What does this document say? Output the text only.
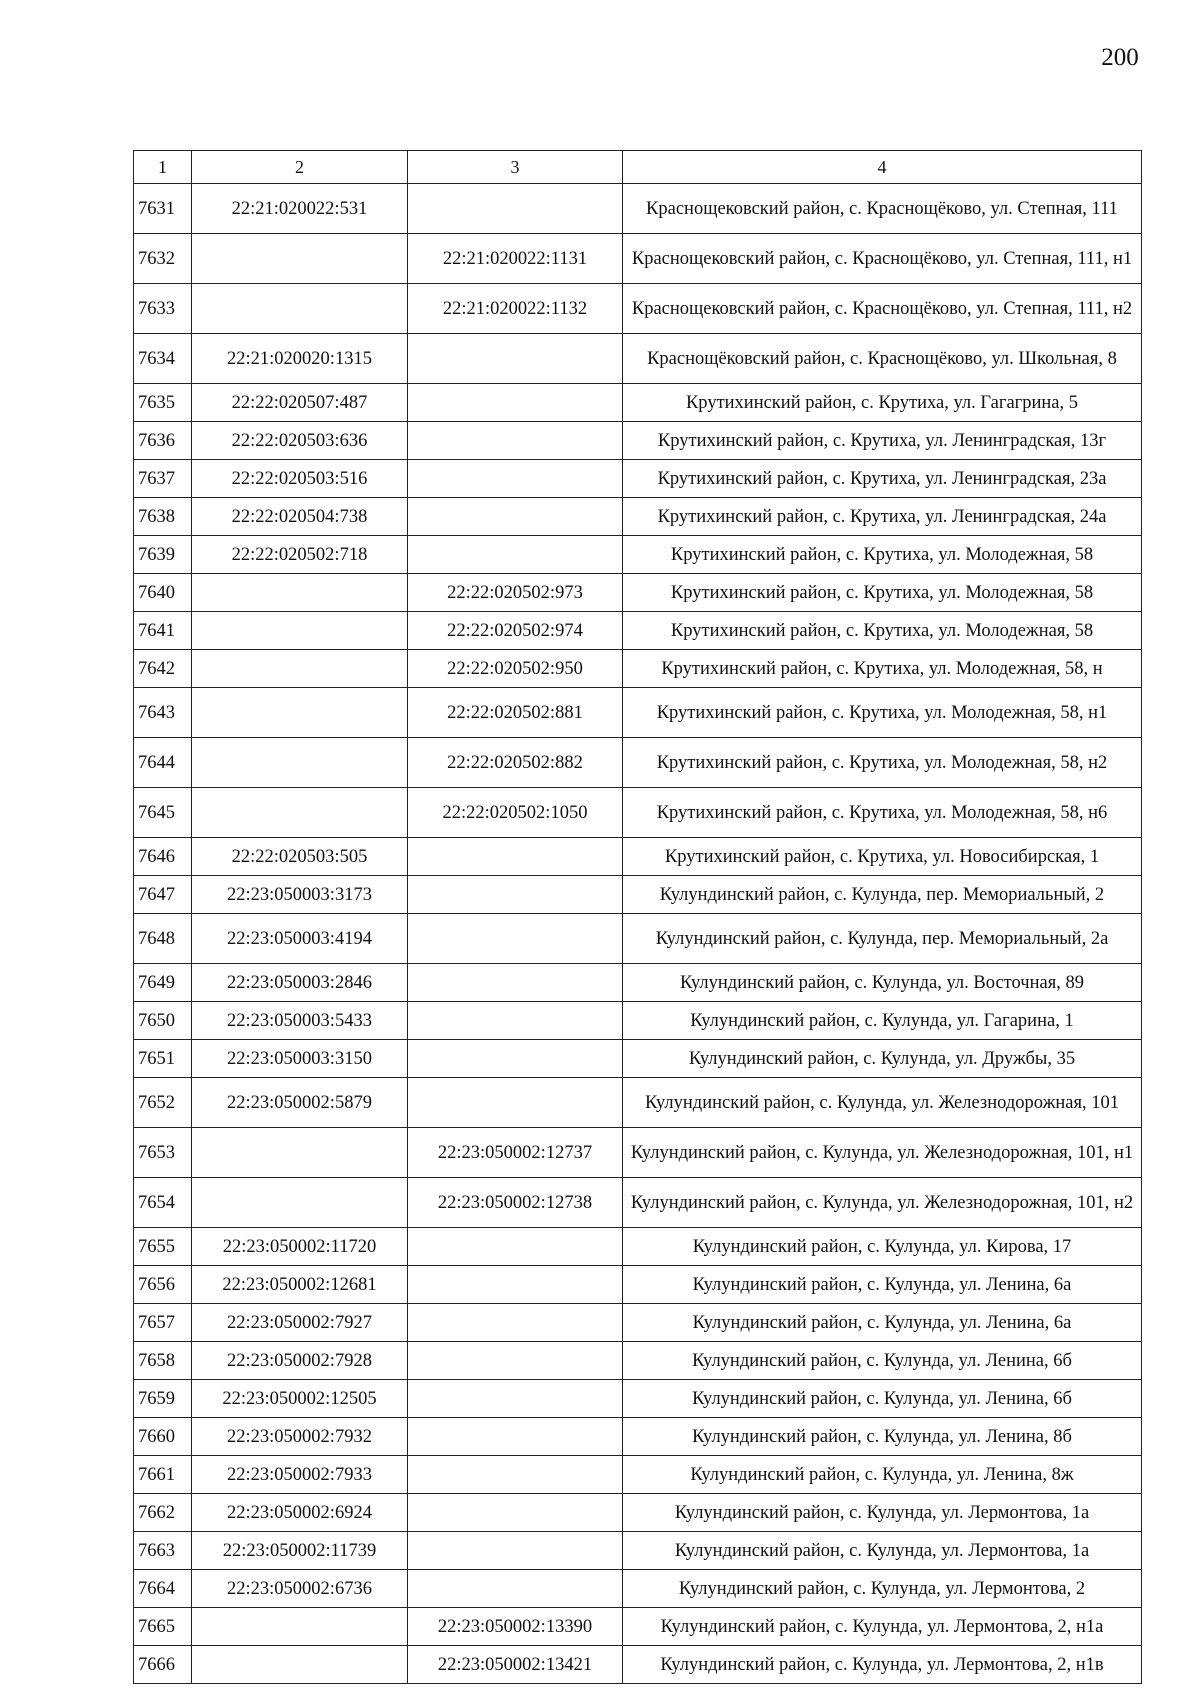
200
1	2	3	4
7631	22:21:020022:531		Краснощековский район, с. Краснощёково, ул. Степная, 111
7632		22:21:020022:1131	Краснощековский район, с. Краснощёково, ул. Степная, 111, н1
7633		22:21:020022:1132	Краснощековский район, с. Краснощёково, ул. Степная, 111, н2
7634	22:21:020020:1315		Краснощёковский район, с. Краснощёково, ул. Школьная, 8
7635	22:22:020507:487		Крутихинский район, с. Крутиха, ул. Гагагрина, 5
7636	22:22:020503:636		Крутихинский район, с. Крутиха, ул. Ленинградская, 13г
7637	22:22:020503:516		Крутихинский район, с. Крутиха, ул. Ленинградская, 23а
7638	22:22:020504:738		Крутихинский район, с. Крутиха, ул. Ленинградская, 24а
7639	22:22:020502:718		Крутихинский район, с. Крутиха, ул. Молодежная, 58
7640		22:22:020502:973	Крутихинский район, с. Крутиха, ул. Молодежная, 58
7641		22:22:020502:974	Крутихинский район, с. Крутиха, ул. Молодежная, 58
7642		22:22:020502:950	Крутихинский район, с. Крутиха, ул. Молодежная, 58, н
7643		22:22:020502:881	Крутихинский район, с. Крутиха, ул. Молодежная, 58, н1
7644		22:22:020502:882	Крутихинский район, с. Крутиха, ул. Молодежная, 58, н2
7645		22:22:020502:1050	Крутихинский район, с. Крутиха, ул. Молодежная, 58, н6
7646	22:22:020503:505		Крутихинский район, с. Крутиха, ул. Новосибирская, 1
7647	22:23:050003:3173		Кулундинский район, с. Кулунда, пер. Мемориальный, 2
7648	22:23:050003:4194		Кулундинский район, с. Кулунда, пер. Мемориальный, 2а
7649	22:23:050003:2846		Кулундинский район, с. Кулунда, ул. Восточная, 89
7650	22:23:050003:5433		Кулундинский район, с. Кулунда, ул. Гагарина, 1
7651	22:23:050003:3150		Кулундинский район, с. Кулунда, ул. Дружбы, 35
7652	22:23:050002:5879		Кулундинский район, с. Кулунда, ул. Железнодорожная, 101
7653		22:23:050002:12737	Кулундинский район, с. Кулунда, ул. Железнодорожная, 101, н1
7654		22:23:050002:12738	Кулундинский район, с. Кулунда, ул. Железнодорожная, 101, н2
7655	22:23:050002:11720		Кулундинский район, с. Кулунда, ул. Кирова, 17
7656	22:23:050002:12681		Кулундинский район, с. Кулунда, ул. Ленина, 6а
7657	22:23:050002:7927		Кулундинский район, с. Кулунда, ул. Ленина, 6а
7658	22:23:050002:7928		Кулундинский район, с. Кулунда, ул. Ленина, 6б
7659	22:23:050002:12505		Кулундинский район, с. Кулунда, ул. Ленина, 6б
7660	22:23:050002:7932		Кулундинский район, с. Кулунда, ул. Ленина, 8б
7661	22:23:050002:7933		Кулундинский район, с. Кулунда, ул. Ленина, 8ж
7662	22:23:050002:6924		Кулундинский район, с. Кулунда, ул. Лермонтова, 1а
7663	22:23:050002:11739		Кулундинский район, с. Кулунда, ул. Лермонтова, 1а
7664	22:23:050002:6736		Кулундинский район, с. Кулунда, ул. Лермонтова, 2
7665		22:23:050002:13390	Кулундинский район, с. Кулунда, ул. Лермонтова, 2, н1а
7666		22:23:050002:13421	Кулундинский район, с. Кулунда, ул. Лермонтова, 2, н1в
